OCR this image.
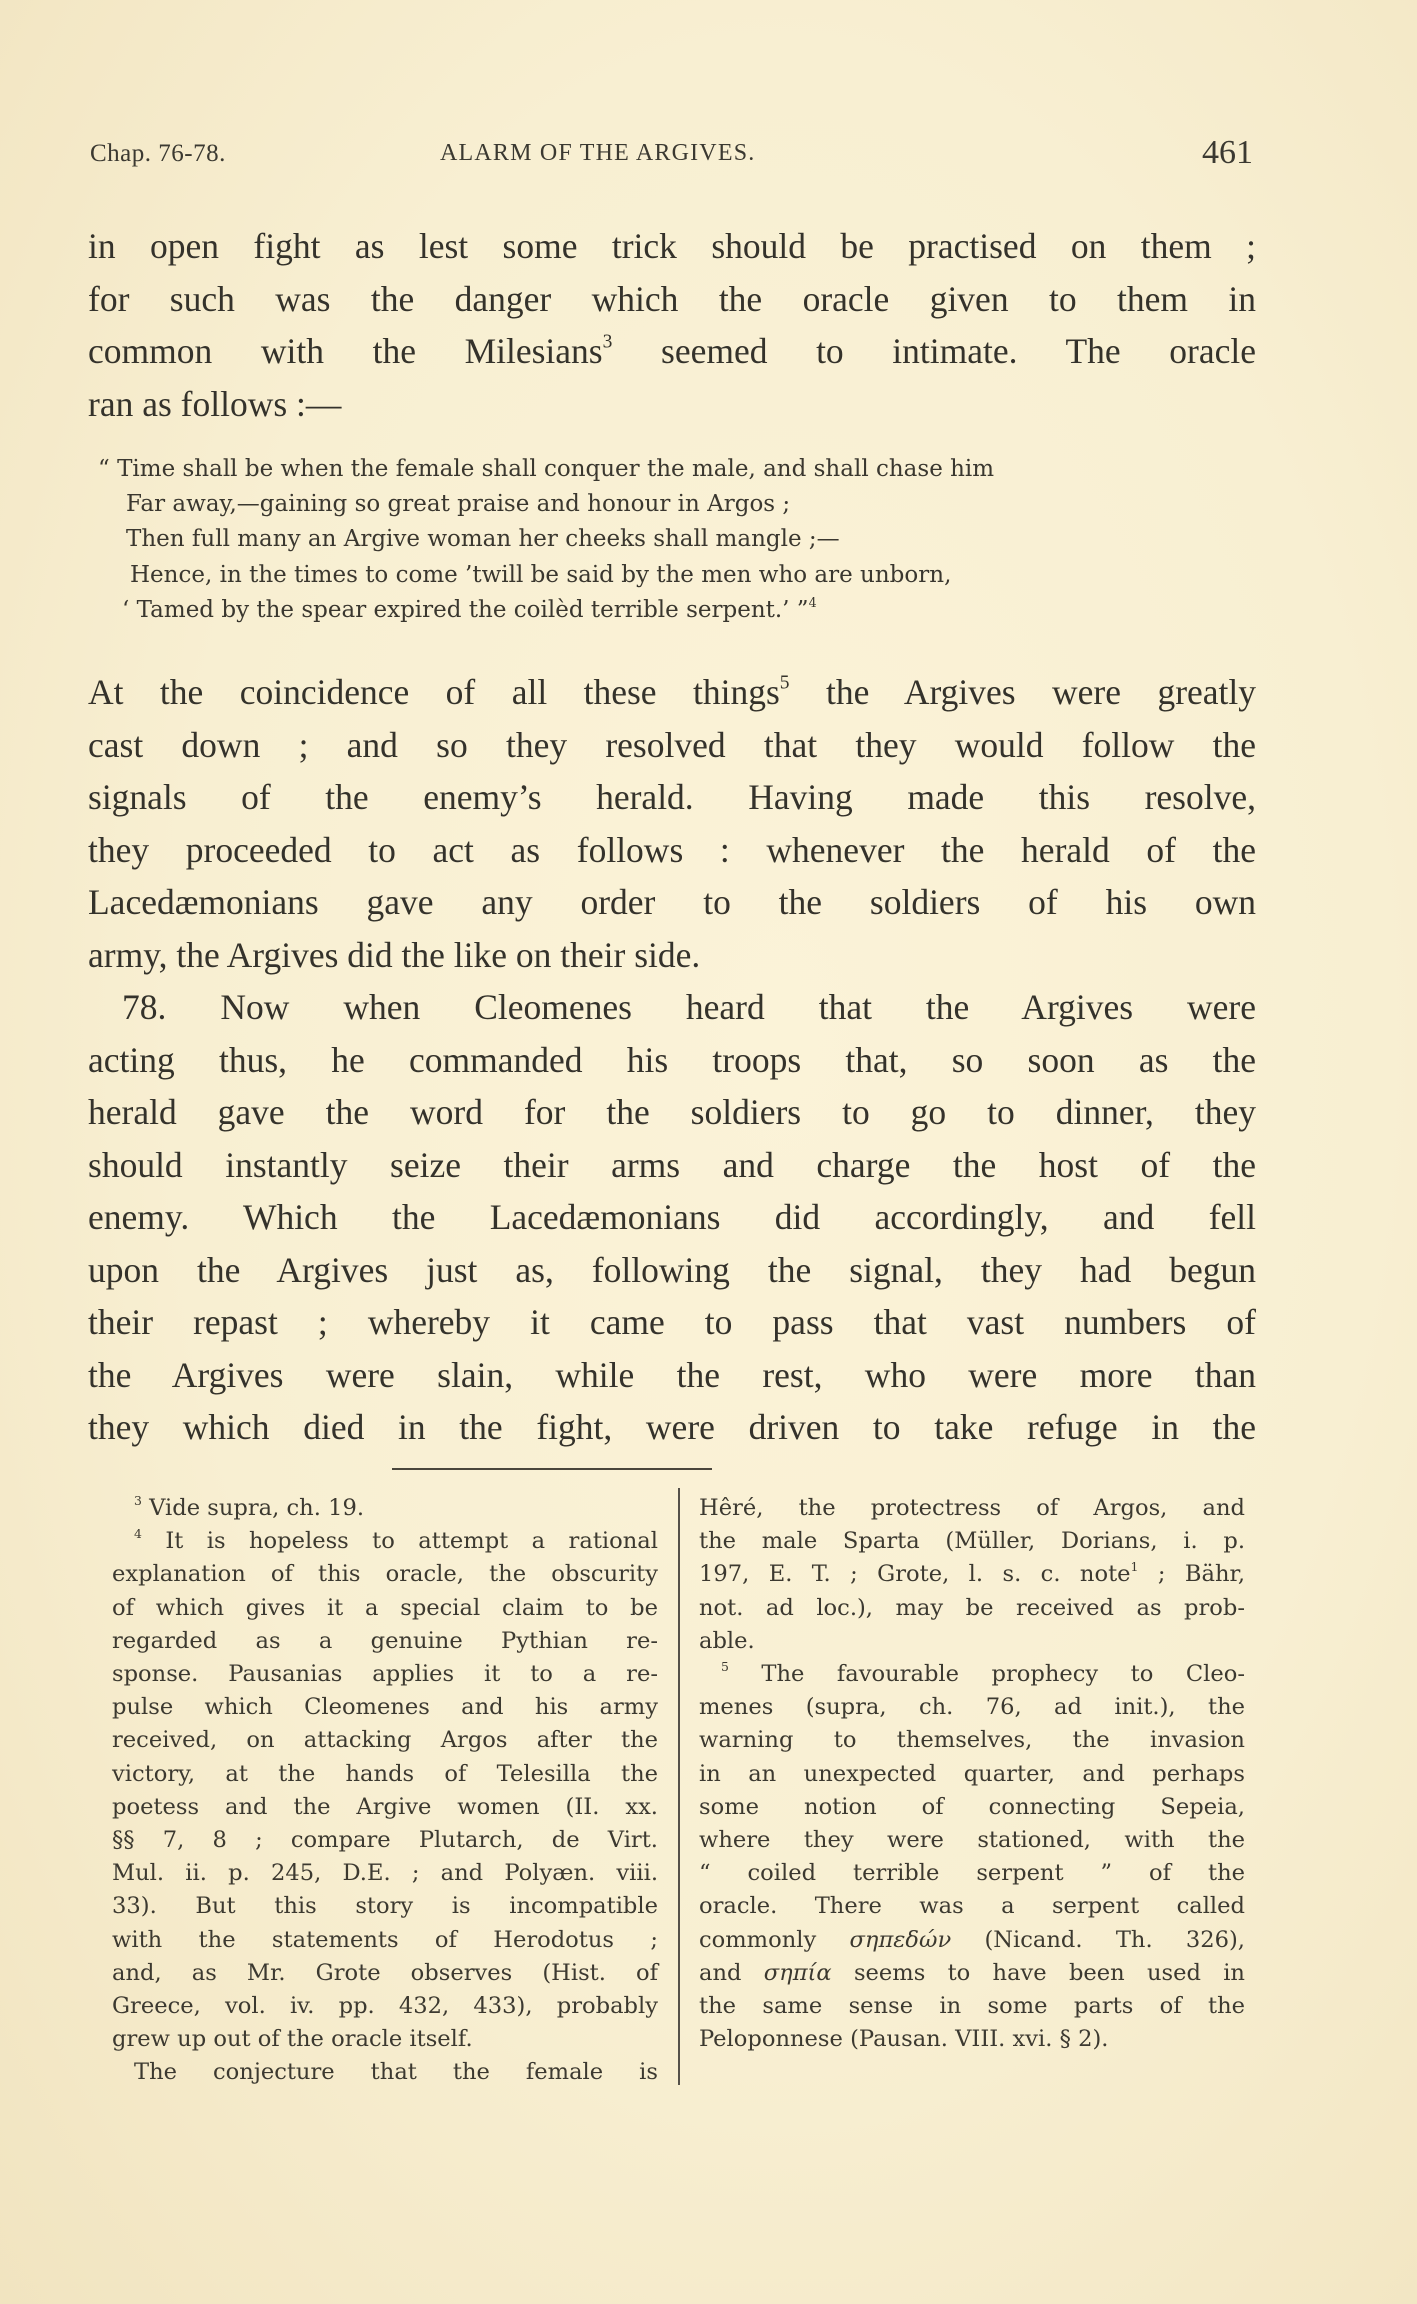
Chap. 76-78.	ALARM OF THE ARGIVES.	461
in open fight as lest some trick should be practised on them ;
for such was the danger which the oracle given to them in
common with the Milesians$^3$ seemed to intimate. The oracle
ran as follows :—
“ Time shall be when the female shall conquer the male, and shall chase him
Far away,—gaining so great praise and honour in Argos ;
Then full many an Argive woman her cheeks shall mangle ;—
Hence, in the times to come ’twill be said by the men who are unborn,
‘ Tamed by the spear expired the coilèd terrible serpent.’ ”$^4$
At the coincidence of all these things$^5$ the Argives were greatly
cast down ; and so they resolved that they would follow the
signals of the enemy’s herald. Having made this resolve,
they proceeded to act as follows : whenever the herald of the
Lacedæmonians gave any order to the soldiers of his own
army, the Argives did the like on their side.
78. Now when Cleomenes heard that the Argives were
acting thus, he commanded his troops that, so soon as the
herald gave the word for the soldiers to go to dinner, they
should instantly seize their arms and charge the host of the
enemy. Which the Lacedæmonians did accordingly, and fell
upon the Argives just as, following the signal, they had begun
their repast ; whereby it came to pass that vast numbers of
the Argives were slain, while the rest, who were more than
they which died in the fight, were driven to take refuge in the
$^3$ Vide supra, ch. 19.
$^4$ It is hopeless to attempt a rational
explanation of this oracle, the obscurity
of which gives it a special claim to be
regarded as a genuine Pythian re-
sponse. Pausanias applies it to a re-
pulse which Cleomenes and his army
received, on attacking Argos after the
victory, at the hands of Telesilla the
poetess and the Argive women (II. xx.
§§ 7, 8 ; compare Plutarch, de Virt.
Mul. ii. p. 245, D.E. ; and Polyæn. viii.
33). But this story is incompatible
with the statements of Herodotus ;
and, as Mr. Grote observes (Hist. of
Greece, vol. iv. pp. 432, 433), probably
grew up out of the oracle itself.
The conjecture that the female is
Hêré, the protectress of Argos, and
the male Sparta (Müller, Dorians, i. p.
197, E. T. ; Grote, l. s. c. note$^1$ ; Bähr,
not. ad loc.), may be received as prob-
able.
$^5$ The favourable prophecy to Cleo-
menes (supra, ch. 76, ad init.), the
warning to themselves, the invasion
in an unexpected quarter, and perhaps
some notion of connecting Sepeia,
where they were stationed, with the
“ coiled terrible serpent ” of the
oracle. There was a serpent called
commonly σηπεδών (Nicand. Th. 326),
and σηπία seems to have been used in
the same sense in some parts of the
Peloponnese (Pausan. VIII. xvi. § 2).
